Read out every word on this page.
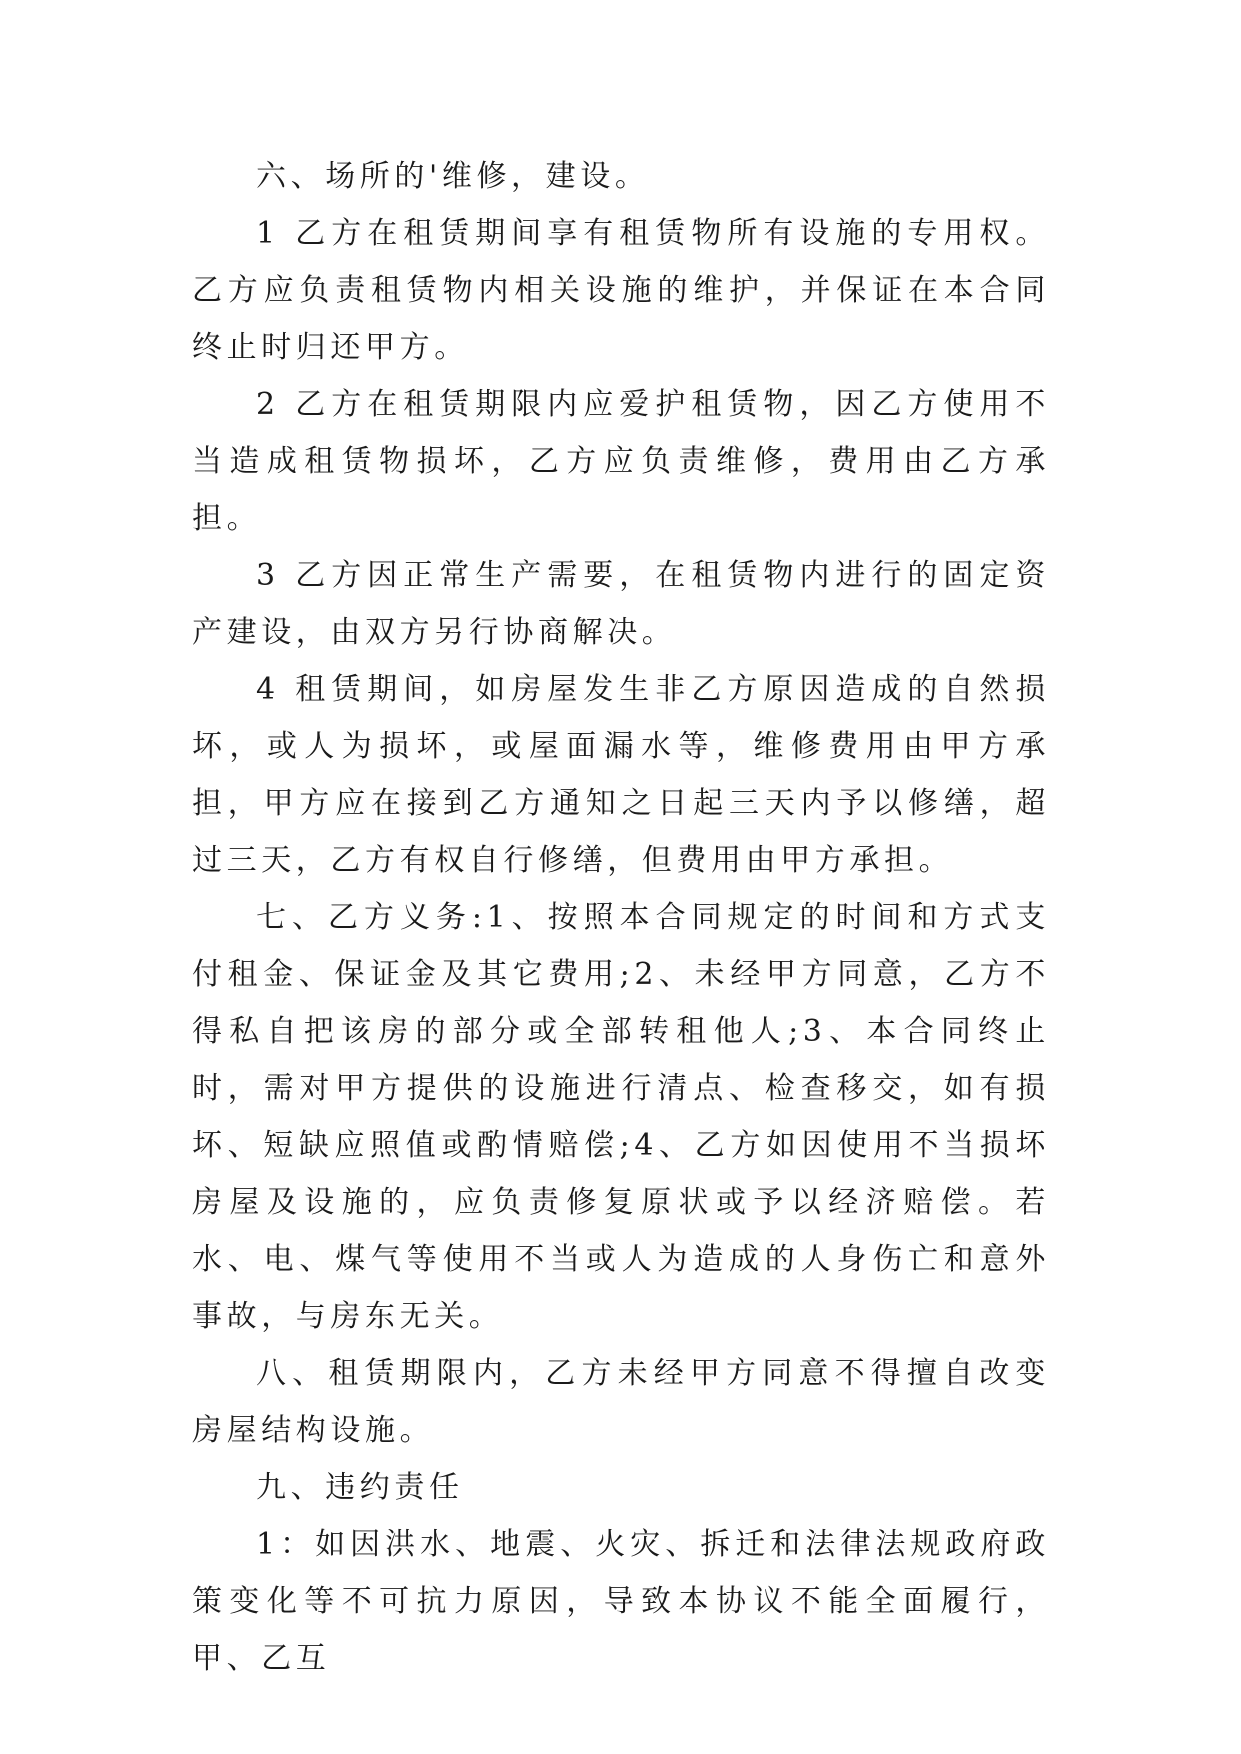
六、场所的'维修，建设。

1 乙方在租赁期间享有租赁物所有设施的专用权。乙方应负责租赁物内相关设施的维护，并保证在本合同终止时归还甲方。

2 乙方在租赁期限内应爱护租赁物，因乙方使用不当造成租赁物损坏，乙方应负责维修，费用由乙方承担。

3 乙方因正常生产需要，在租赁物内进行的固定资产建设，由双方另行协商解决。

4 租赁期间，如房屋发生非乙方原因造成的自然损坏，或人为损坏，或屋面漏水等，维修费用由甲方承担，甲方应在接到乙方通知之日起三天内予以修缮，超过三天，乙方有权自行修缮，但费用由甲方承担。

七、乙方义务:1、按照本合同规定的时间和方式支付租金、保证金及其它费用;2、未经甲方同意，乙方不得私自把该房的部分或全部转租他人;3、本合同终止时，需对甲方提供的设施进行清点、检查移交，如有损坏、短缺应照值或酌情赔偿;4、乙方如因使用不当损坏房屋及设施的，应负责修复原状或予以经济赔偿。若水、电、煤气等使用不当或人为造成的人身伤亡和意外事故，与房东无关。

八、租赁期限内，乙方未经甲方同意不得擅自改变房屋结构设施。

九、违约责任

1：如因洪水、地震、火灾、拆迁和法律法规政府政策变化等不可抗力原因，导致本协议不能全面履行，甲、乙互
